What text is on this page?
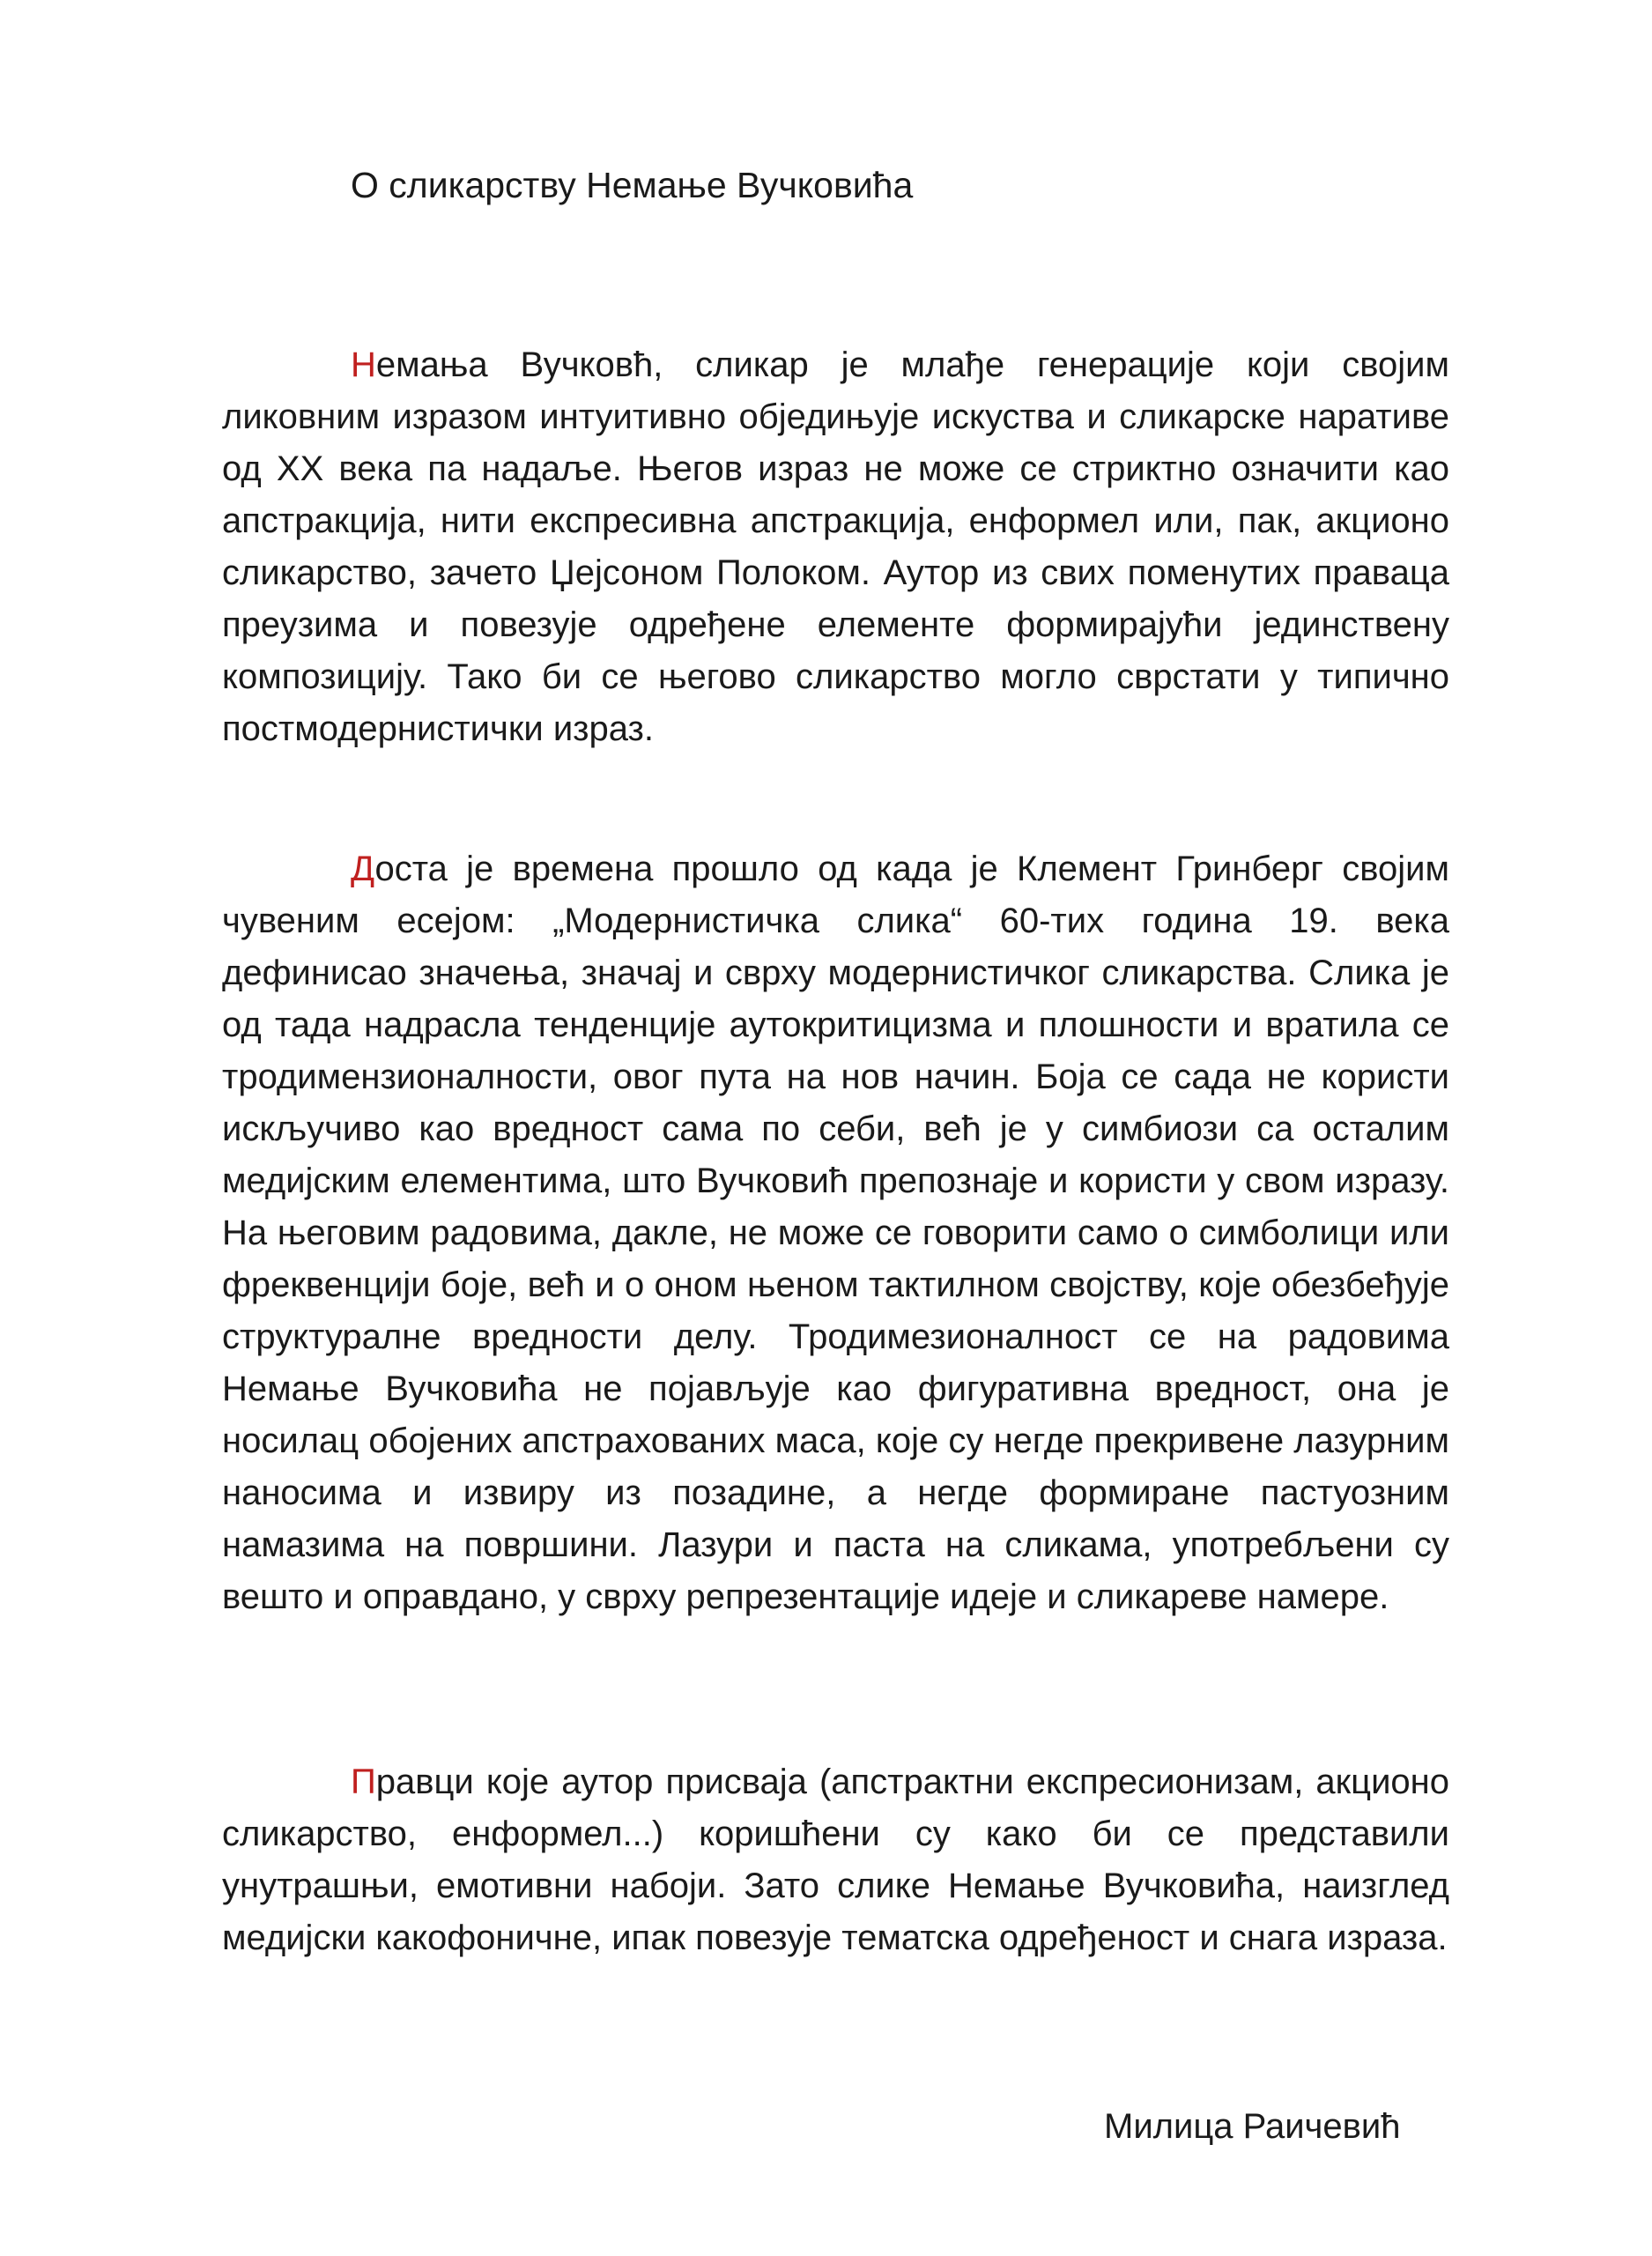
О сликарству Немање Вучковића

Немања Вучковћ, сликар је млађе генерације који својим ликовним изразом интуитивно обједињује искуства и сликарске наративе од XX века па надаље. Његов израз не може се стриктно означити као апстракција, нити експресивна апстракција, енформел или, пак, акционо сликарство, зачето Џејсоном Полоком. Аутор из свих поменутих праваца преузима и повезује одређене елементе формирајући јединствену композицију. Тако би се његово сликарство могло сврстати у типично постмодернистички израз.

Доста је времена прошло од када је Клемент Гринберг својим чувеним есејом: „Модернистичка слика“ 60-тих година 19. века дефинисао значења, значај и сврху модернистичког сликарства. Слика је од тада надрасла тенденције аутокритицизма и плошности и вратила се тродимензионалности, овог пута на нов начин. Боја се сада не користи искључиво као вредност сама по себи, већ је у симбиози са осталим медијским елементима, што Вучковић препознаје и користи у свом изразу. На његовим радовима, дакле, не може се говорити само о симболици или фреквенцији боје, већ и о оном њеном тактилном својству, које обезбеђује структуралне вредности делу. Тродимезионалност се на радовима Немање Вучковића не појављује као фигуративна вредност, она је носилац обојених апстрахованих маса, које су негде прекривене лазурним наносима и извиру из позадине, а негде формиране пастуозним намазима на површини. Лазури и паста на сликама, употребљени су вешто и оправдано, у сврху репрезентације идеје и сликареве намере.

Правци које аутор присваја (апстрактни експресионизам, акционо сликарство, енформел...) коришћени су како би се представили унутрашњи, емотивни набоји. Зато слике Немање Вучковића, наизглед медијски какофоничне, ипак повезује тематска одређеност и снага израза.

Милица Раичевић
